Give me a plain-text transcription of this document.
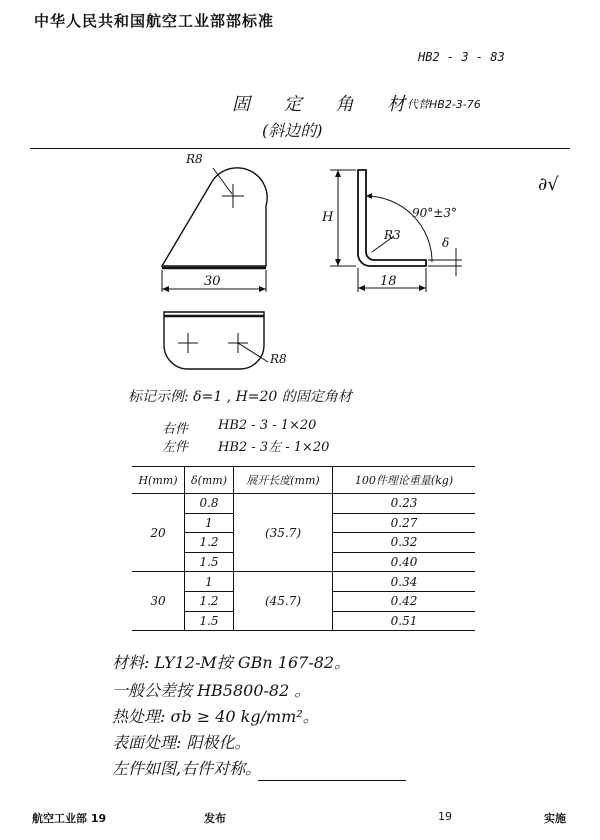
中华人民共和国航空工业部部标准
HB2 - 3 - 83
固 定 角 材
(斜边的)
代替HB2-3-76
∂√
R8
30
R8
H	90°±3°
R3
δ
18
标记示例: δ=1 , H=20 的固定角材
右件 HB2 - 3 - 1×20
左件 HB2 - 3左 - 1×20
H(mm)	δ(mm)	展开长度(mm)	100件理论重量(kg)
20	0.8	(35.7)	0.23
	1		0.27
	1.2		0.32
	1.5		0.40
30	1	(45.7)	0.34
	1.2		0.42
	1.5		0.51
材料: LY12-M按 GBn 167-82。
一般公差按 HB5800-82 。
热处理: σb ≥ 40 kg/mm²。
表面处理: 阳极化。
左件如图,右件对称。
航空工业部 19	发布	19	实施
